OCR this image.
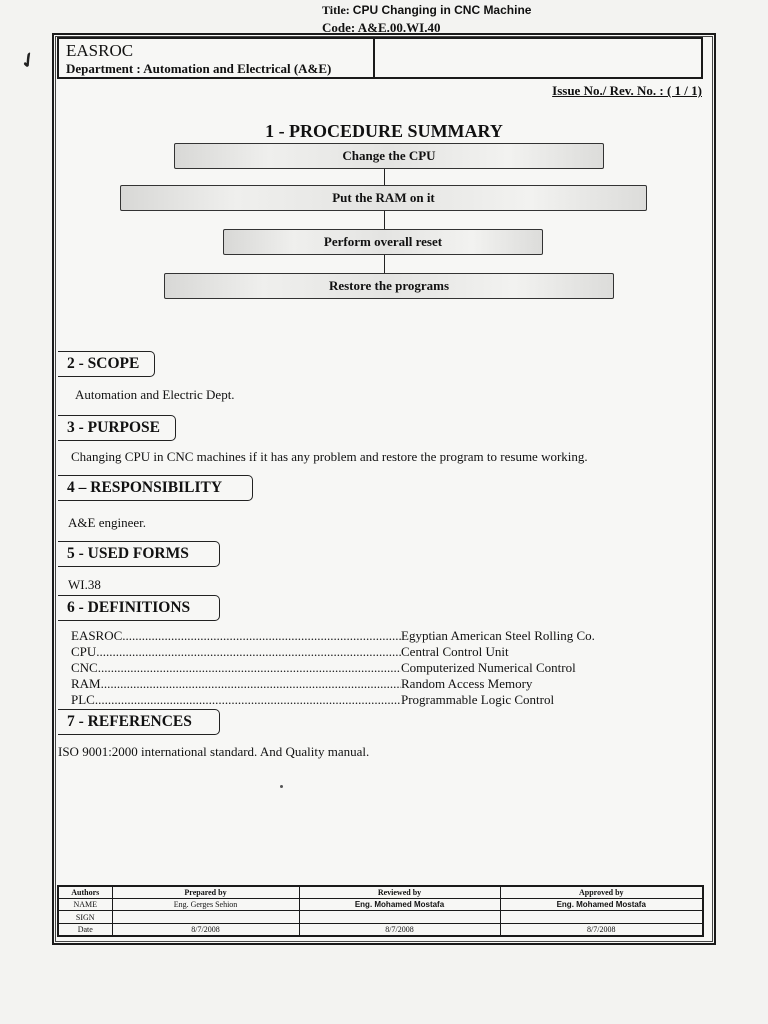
✓ EASROC
Department : Automation and Electrical (A&E)
Title: CPU Changing in CNC Machine
Code: A&E.00.WI.40
Issue No./ Rev. No. : ( 1 / 1)
1 - PROCEDURE SUMMARY
Change the CPU
Put the RAM on it
Perform overall reset
Restore the programs
2 - SCOPE
Automation and Electric Dept.
3 - PURPOSE
Changing CPU in CNC machines if it has any problem and restore the program to resume working.
4 – RESPONSIBILITY
A&E engineer.
5 - USED FORMS
WI.38
6 - DEFINITIONS
EASROC .....	Egyptian American Steel Rolling Co.
CPU .....	Central Control Unit
CNC .....	Computerized Numerical Control
RAM .....	Random Access Memory
PLC .....	Programmable Logic Control
7 - REFERENCES
ISO 9001:2000 international standard. And Quality manual.
Authors	Prepared by	Reviewed by	Approved by
NAME	Eng. Gerges Sehion	Eng. Mohamed Mostafa	Eng. Mohamed Mostafa
SIGN			
Date	8/7/2008	8/7/2008	8/7/2008
